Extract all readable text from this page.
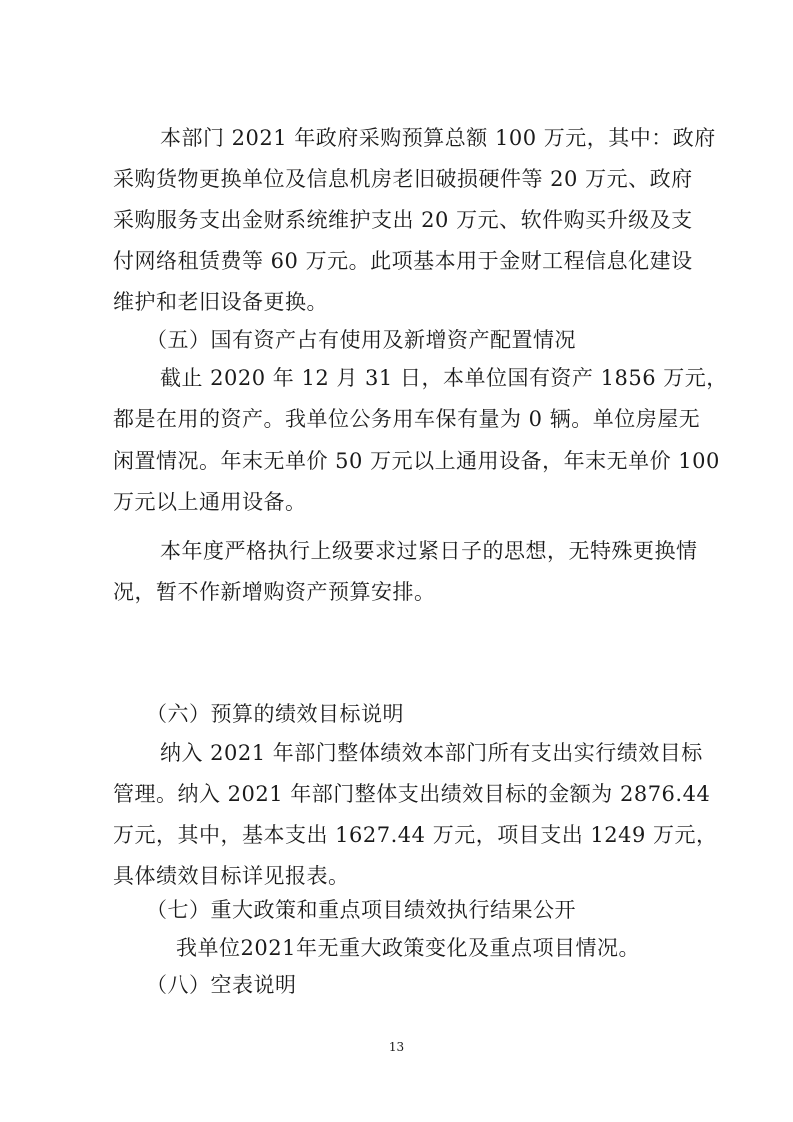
本部门 2021 年政府采购预算总额 100 万元，其中：政府
采购货物更换单位及信息机房老旧破损硬件等 20 万元、政府
采购服务支出金财系统维护支出 20 万元、软件购买升级及支
付网络租赁费等 60 万元。此项基本用于金财工程信息化建设
维护和老旧设备更换。
（五）国有资产占有使用及新增资产配置情况
截止 2020 年 12 月 31 日，本单位国有资产 1856 万元，
都是在用的资产。我单位公务用车保有量为 0 辆。单位房屋无
闲置情况。年末无单价 50 万元以上通用设备，年末无单价 100
万元以上通用设备。
本年度严格执行上级要求过紧日子的思想，无特殊更换情
况，暂不作新增购资产预算安排。
（六）预算的绩效目标说明
纳入 2021 年部门整体绩效本部门所有支出实行绩效目标
管理。纳入 2021 年部门整体支出绩效目标的金额为 2876.44
万元，其中，基本支出 1627.44 万元，项目支出 1249 万元，
具体绩效目标详见报表。
（七）重大政策和重点项目绩效执行结果公开
我单位2021年无重大政策变化及重点项目情况。
（八）空表说明
13
